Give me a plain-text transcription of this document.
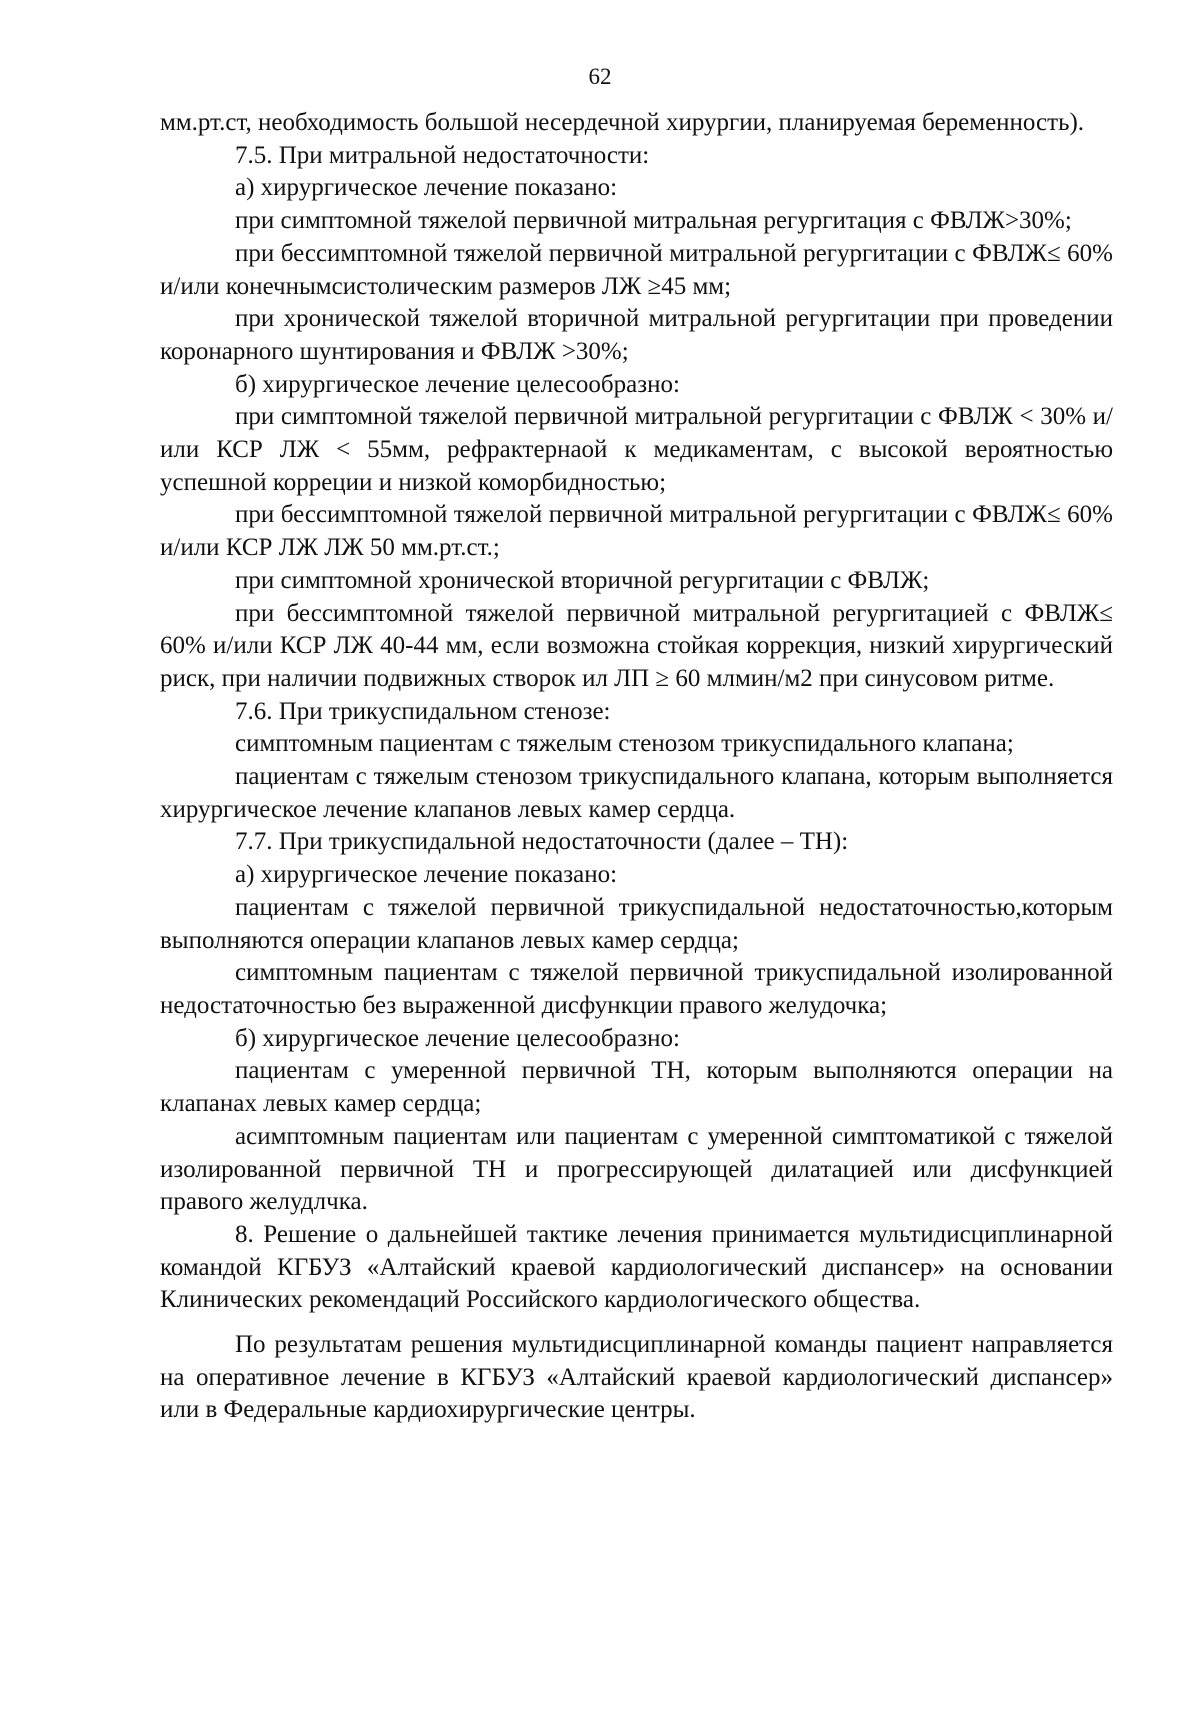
62

мм.рт.ст, необходимость большой несердечной хирургии, планируемая беременность).

7.5. При митральной недостаточности:

а) хирургическое лечение показано:

при симптомной тяжелой первичной митральная регургитация с ФВЛЖ>30%;

при бессимптомной тяжелой первичной митральной регургитации с ФВЛЖ≤ 60% и/или конечнымсистолическим размеров ЛЖ ≥45 мм;

при хронической тяжелой вторичной митральной регургитации при проведении коронарного шунтирования и ФВЛЖ >30%;

б) хирургическое лечение целесообразно:

при симптомной тяжелой первичной митральной регургитации с ФВЛЖ < 30% и/или КСР ЛЖ < 55мм, рефрактернаой к медикаментам, с высокой вероятностью успешной корреции и низкой коморбидностью;

при бессимптомной тяжелой первичной митральной регургитации с ФВЛЖ≤ 60% и/или КСР ЛЖ ЛЖ 50 мм.рт.ст.;

при симптомной хронической вторичной регургитации с ФВЛЖ;

при бессимптомной тяжелой первичной митральной регургитацией с ФВЛЖ≤ 60% и/или КСР ЛЖ 40-44 мм, если возможна стойкая коррекция, низкий хирургический риск, при наличии подвижных створок ил ЛП ≥ 60 млмин/м2 при синусовом ритме.

7.6. При трикуспидальном стенозе:

симптомным пациентам с тяжелым стенозом трикуспидального клапана;

пациентам с тяжелым стенозом трикуспидального клапана, которым выполняется хирургическое лечение клапанов левых камер сердца.

7.7. При трикуспидальной недостаточности (далее – ТН):

а) хирургическое лечение показано:

пациентам с тяжелой первичной трикуспидальной недостаточностью,которым выполняются операции клапанов левых камер сердца;

симптомным пациентам с тяжелой первичной трикуспидальной изолированной недостаточностью без выраженной дисфункции правого желудочка;

б) хирургическое лечение целесообразно:

пациентам с умеренной первичной ТН, которым выполняются операции на клапанах левых камер сердца;

асимптомным пациентам или пациентам с умеренной симптоматикой с тяжелой изолированной первичной ТН и прогрессирующей дилатацией или дисфункцией правого желудлчка.

8. Решение о дальнейшей тактике лечения принимается мультидисциплинарной командой КГБУЗ «Алтайский краевой кардиологический диспансер» на основании Клинических рекомендаций Российского кардиологического общества.

По результатам решения мультидисциплинарной команды пациент направляется на оперативное лечение в КГБУЗ «Алтайский краевой кардиологический диспансер» или в Федеральные кардиохирургические центры.
